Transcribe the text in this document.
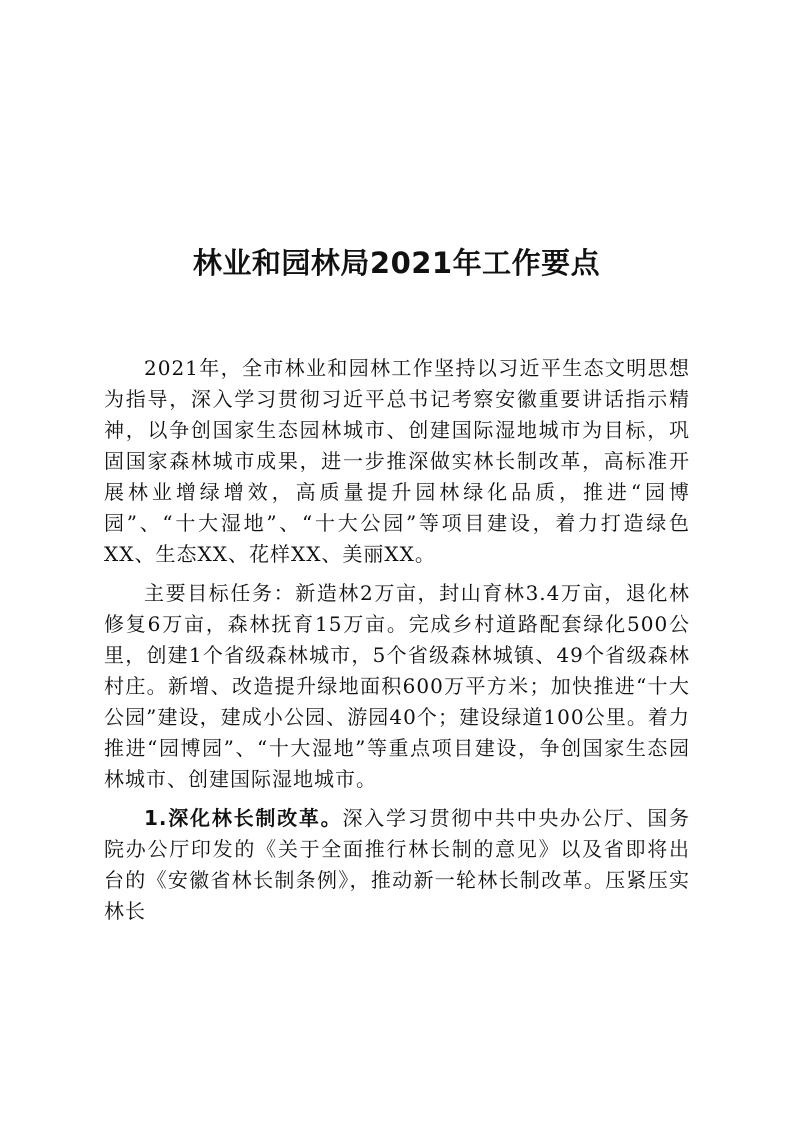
林业和园林局2021年工作要点

2021年，全市林业和园林工作坚持以习近平生态文明思想为指导，深入学习贯彻习近平总书记考察安徽重要讲话指示精神，以争创国家生态园林城市、创建国际湿地城市为目标，巩固国家森林城市成果，进一步推深做实林长制改革，高标准开展林业增绿增效，高质量提升园林绿化品质，推进“园博园”、“十大湿地”、“十大公园”等项目建设，着力打造绿色XX、生态XX、花样XX、美丽XX。

主要目标任务：新造林2万亩，封山育林3.4万亩，退化林修复6万亩，森林抚育15万亩。完成乡村道路配套绿化500公里，创建1个省级森林城市，5个省级森林城镇、49个省级森林村庄。新增、改造提升绿地面积600万平方米；加快推进“十大公园”建设，建成小公园、游园40个；建设绿道100公里。着力推进“园博园”、“十大湿地”等重点项目建设，争创国家生态园林城市、创建国际湿地城市。

1.深化林长制改革。深入学习贯彻中共中央办公厅、国务院办公厅印发的《关于全面推行林长制的意见》以及省即将出台的《安徽省林长制条例》，推动新一轮林长制改革。压紧压实林长
